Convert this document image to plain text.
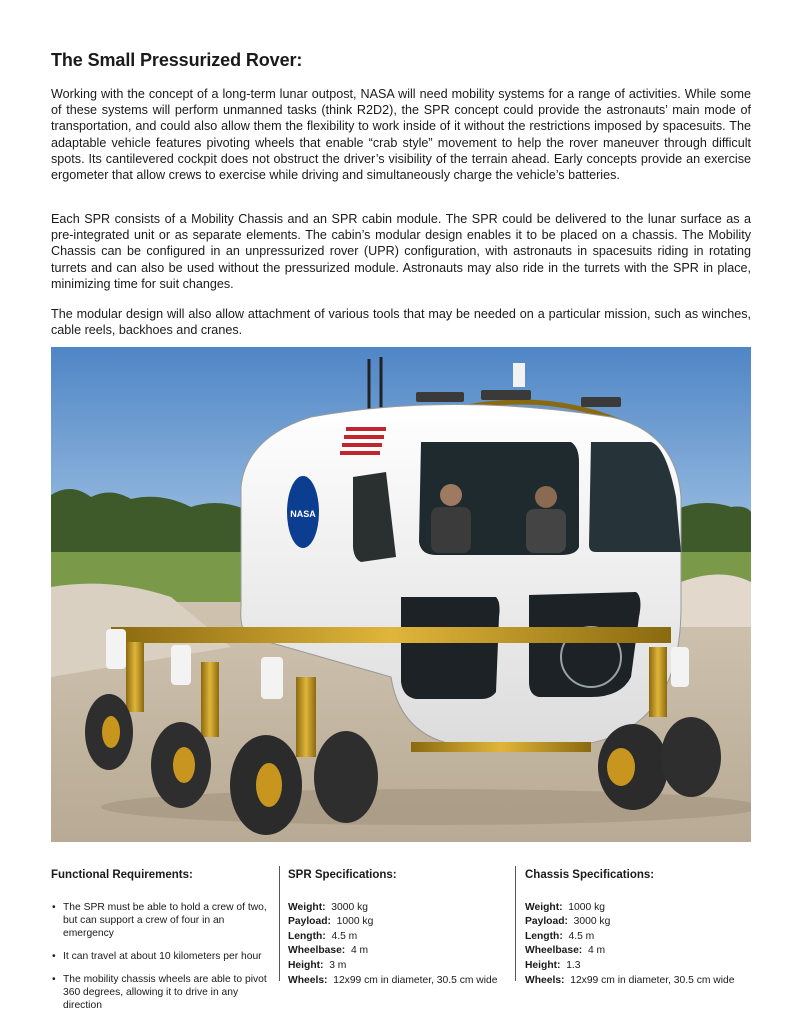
The Small Pressurized Rover:

Working with the concept of a long-term lunar outpost, NASA will need mobility systems for a range of activities. While some of these systems will perform unmanned tasks (think R2D2), the SPR concept could provide the astronauts’ main mode of transportation, and could also allow them the flexibility to work inside of it without the restrictions imposed by spacesuits. The adaptable vehicle features pivoting wheels that enable “crab style” movement to help the rover maneuver through difficult spots. Its cantilevered cockpit does not obstruct the driver’s visibility of the terrain ahead. Early concepts provide an exercise ergometer that allow crews to exercise while driving and simultaneously charge the vehicle’s batteries.

Each SPR consists of a Mobility Chassis and an SPR cabin module. The SPR could be delivered to the lunar surface as a pre-integrated unit or as separate elements. The cabin’s modular design enables it to be placed on a chassis. The Mobility Chassis can be configured in an unpressurized rover (UPR) configuration, with astronauts in spacesuits riding in rotating turrets and can also be used without the pressurized module. Astronauts may also ride in the turrets with the SPR in place, minimizing time for suit changes.

The modular design will also allow attachment of various tools that may be needed on a particular mission, such as winches, cable reels, backhoes and cranes.

NASA
Functional Requirements:
• The SPR must be able to hold a crew of two, but can support a crew of four in an emergency
• It can travel at about 10 kilometers per hour
• The mobility chassis wheels are able to pivot 360 degrees, allowing it to drive in any direction
SPR Specifications:

Weight: 3000 kg

Payload: 1000 kg

Length: 4.5 m

Wheelbase: 4 m

Height: 3 m

Wheels: 12x99 cm in diameter, 30.5 cm wide

Chassis Specifications:

Weight: 1000 kg

Payload: 3000 kg

Length: 4.5 m

Wheelbase: 4 m

Height: 1.3

Wheels: 12x99 cm in diameter, 30.5 cm wide
